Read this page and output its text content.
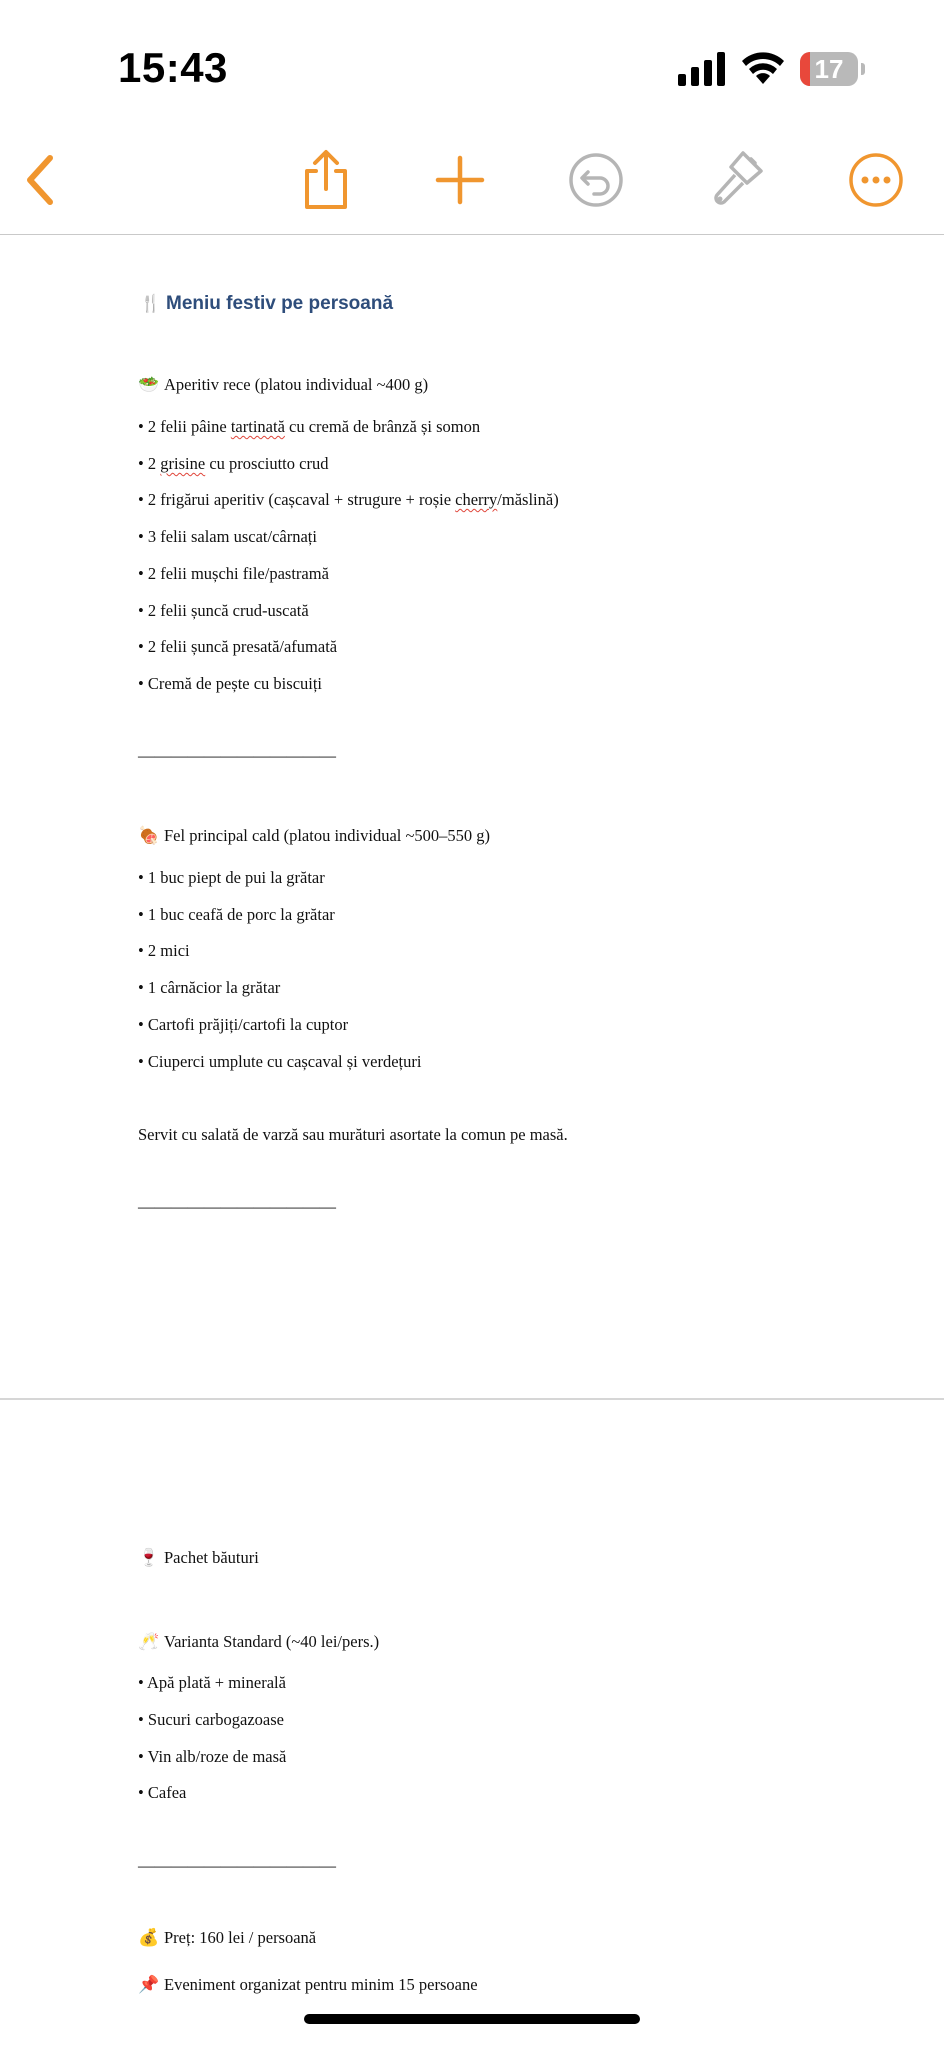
15:43	17
🍴 Meniu festiv pe persoană
🥗 Aperitiv rece (platou individual ~400 g)
• 2 felii pâine tartinată cu cremă de brânză și somon
• 2 grisine cu prosciutto crud
• 2 frigărui aperitiv (cașcaval + strugure + roșie cherry/măslină)
• 3 felii salam uscat/cârnați
• 2 felii mușchi file/pastramă
• 2 felii șuncă crud-uscată
• 2 felii șuncă presată/afumată
• Cremă de pește cu biscuiți
————————————
🍖 Fel principal cald (platou individual ~500–550 g)
• 1 buc piept de pui la grătar
• 1 buc ceafă de porc la grătar
• 2 mici
• 1 cârnăcior la grătar
• Cartofi prăjiți/cartofi la cuptor
• Ciuperci umplute cu cașcaval și verdețuri
Servit cu salată de varză sau murături asortate la comun pe masă.
————————————
🍷 Pachet băuturi
🥂 Varianta Standard (~40 lei/pers.)
• Apă plată + minerală
• Sucuri carbogazoase
• Vin alb/roze de masă
• Cafea
————————————
💰 Preț: 160 lei / persoană
📌 Eveniment organizat pentru minim 15 persoane
